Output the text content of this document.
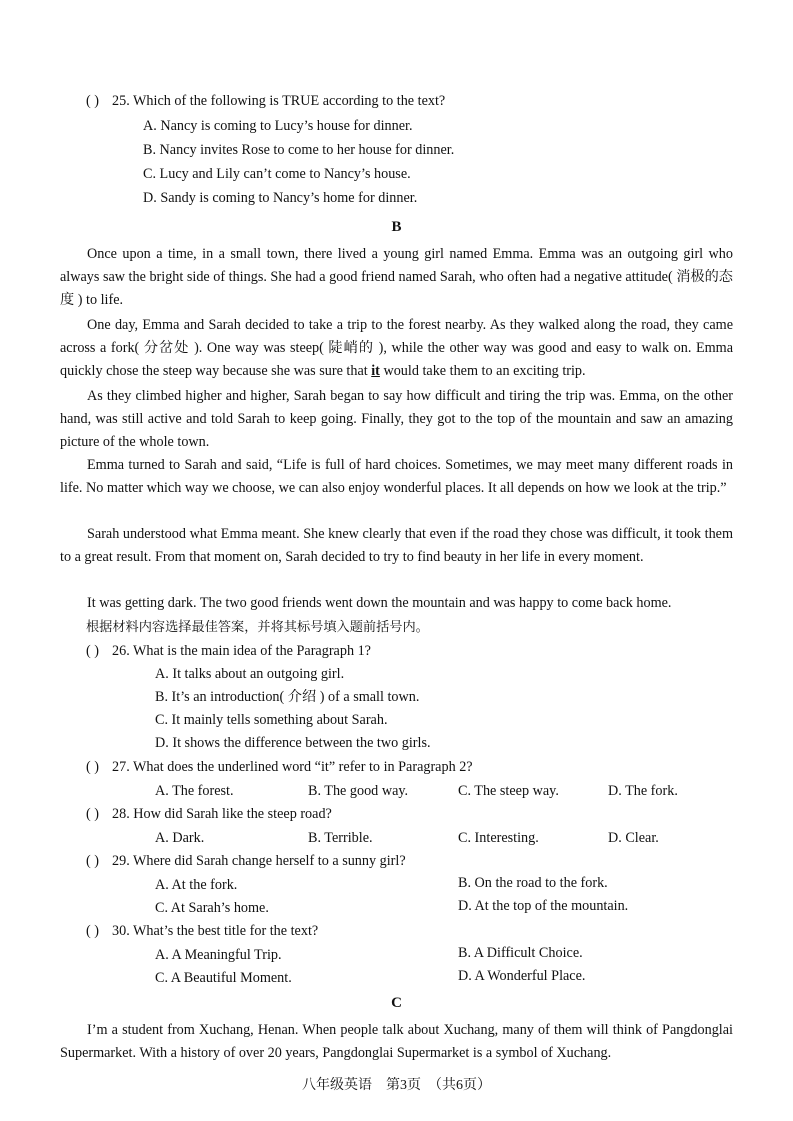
( ) 25. Which of the following is TRUE according to the text?
A. Nancy is coming to Lucy’s house for dinner.
B. Nancy invites Rose to come to her house for dinner.
C. Lucy and Lily can’t come to Nancy’s house.
D. Sandy is coming to Nancy’s home for dinner.
B
Once upon a time, in a small town, there lived a young girl named Emma. Emma was an outgoing girl who always saw the bright side of things. She had a good friend named Sarah, who often had a negative attitude( 消极的态度 ) to life.
One day, Emma and Sarah decided to take a trip to the forest nearby. As they walked along the road, they came across a fork( 分岔处 ). One way was steep( 陡峭的 ), while the other way was good and easy to walk on. Emma quickly chose the steep way because she was sure that it would take them to an exciting trip.
As they climbed higher and higher, Sarah began to say how difficult and tiring the trip was. Emma, on the other hand, was still active and told Sarah to keep going. Finally, they got to the top of the mountain and saw an amazing picture of the whole town.
Emma turned to Sarah and said, “Life is full of hard choices. Sometimes, we may meet many different roads in life. No matter which way we choose, we can also enjoy wonderful places. It all depends on how we look at the trip.”
Sarah understood what Emma meant. She knew clearly that even if the road they chose was difficult, it took them to a great result. From that moment on, Sarah decided to try to find beauty in her life in every moment.
It was getting dark. The two good friends went down the mountain and was happy to come back home.
根据材料内容选择最佳答案，并将其标号填入题前括号内。
( ) 26. What is the main idea of the Paragraph 1?
A. It talks about an outgoing girl.
B. It’s an introduction( 介绍 ) of a small town.
C. It mainly tells something about Sarah.
D. It shows the difference between the two girls.
( ) 27. What does the underlined word “it” refer to in Paragraph 2?
A. The forest.	B. The good way.	C. The steep way.	D. The fork.
( ) 28. How did Sarah like the steep road?
A. Dark.	B. Terrible.	C. Interesting.	D. Clear.
( ) 29. Where did Sarah change herself to a sunny girl?
A. At the fork.	B. On the road to the fork.
C. At Sarah’s home.	D. At the top of the mountain.
( ) 30. What’s the best title for the text?
A. A Meaningful Trip.	B. A Difficult Choice.
C. A Beautiful Moment.	D. A Wonderful Place.
C
I’m a student from Xuchang, Henan. When people talk about Xuchang, many of them will think of Pangdonglai Supermarket. With a history of over 20 years, Pangdonglai Supermarket is a symbol of Xuchang.
八年级英语　第3页　（共6页）
